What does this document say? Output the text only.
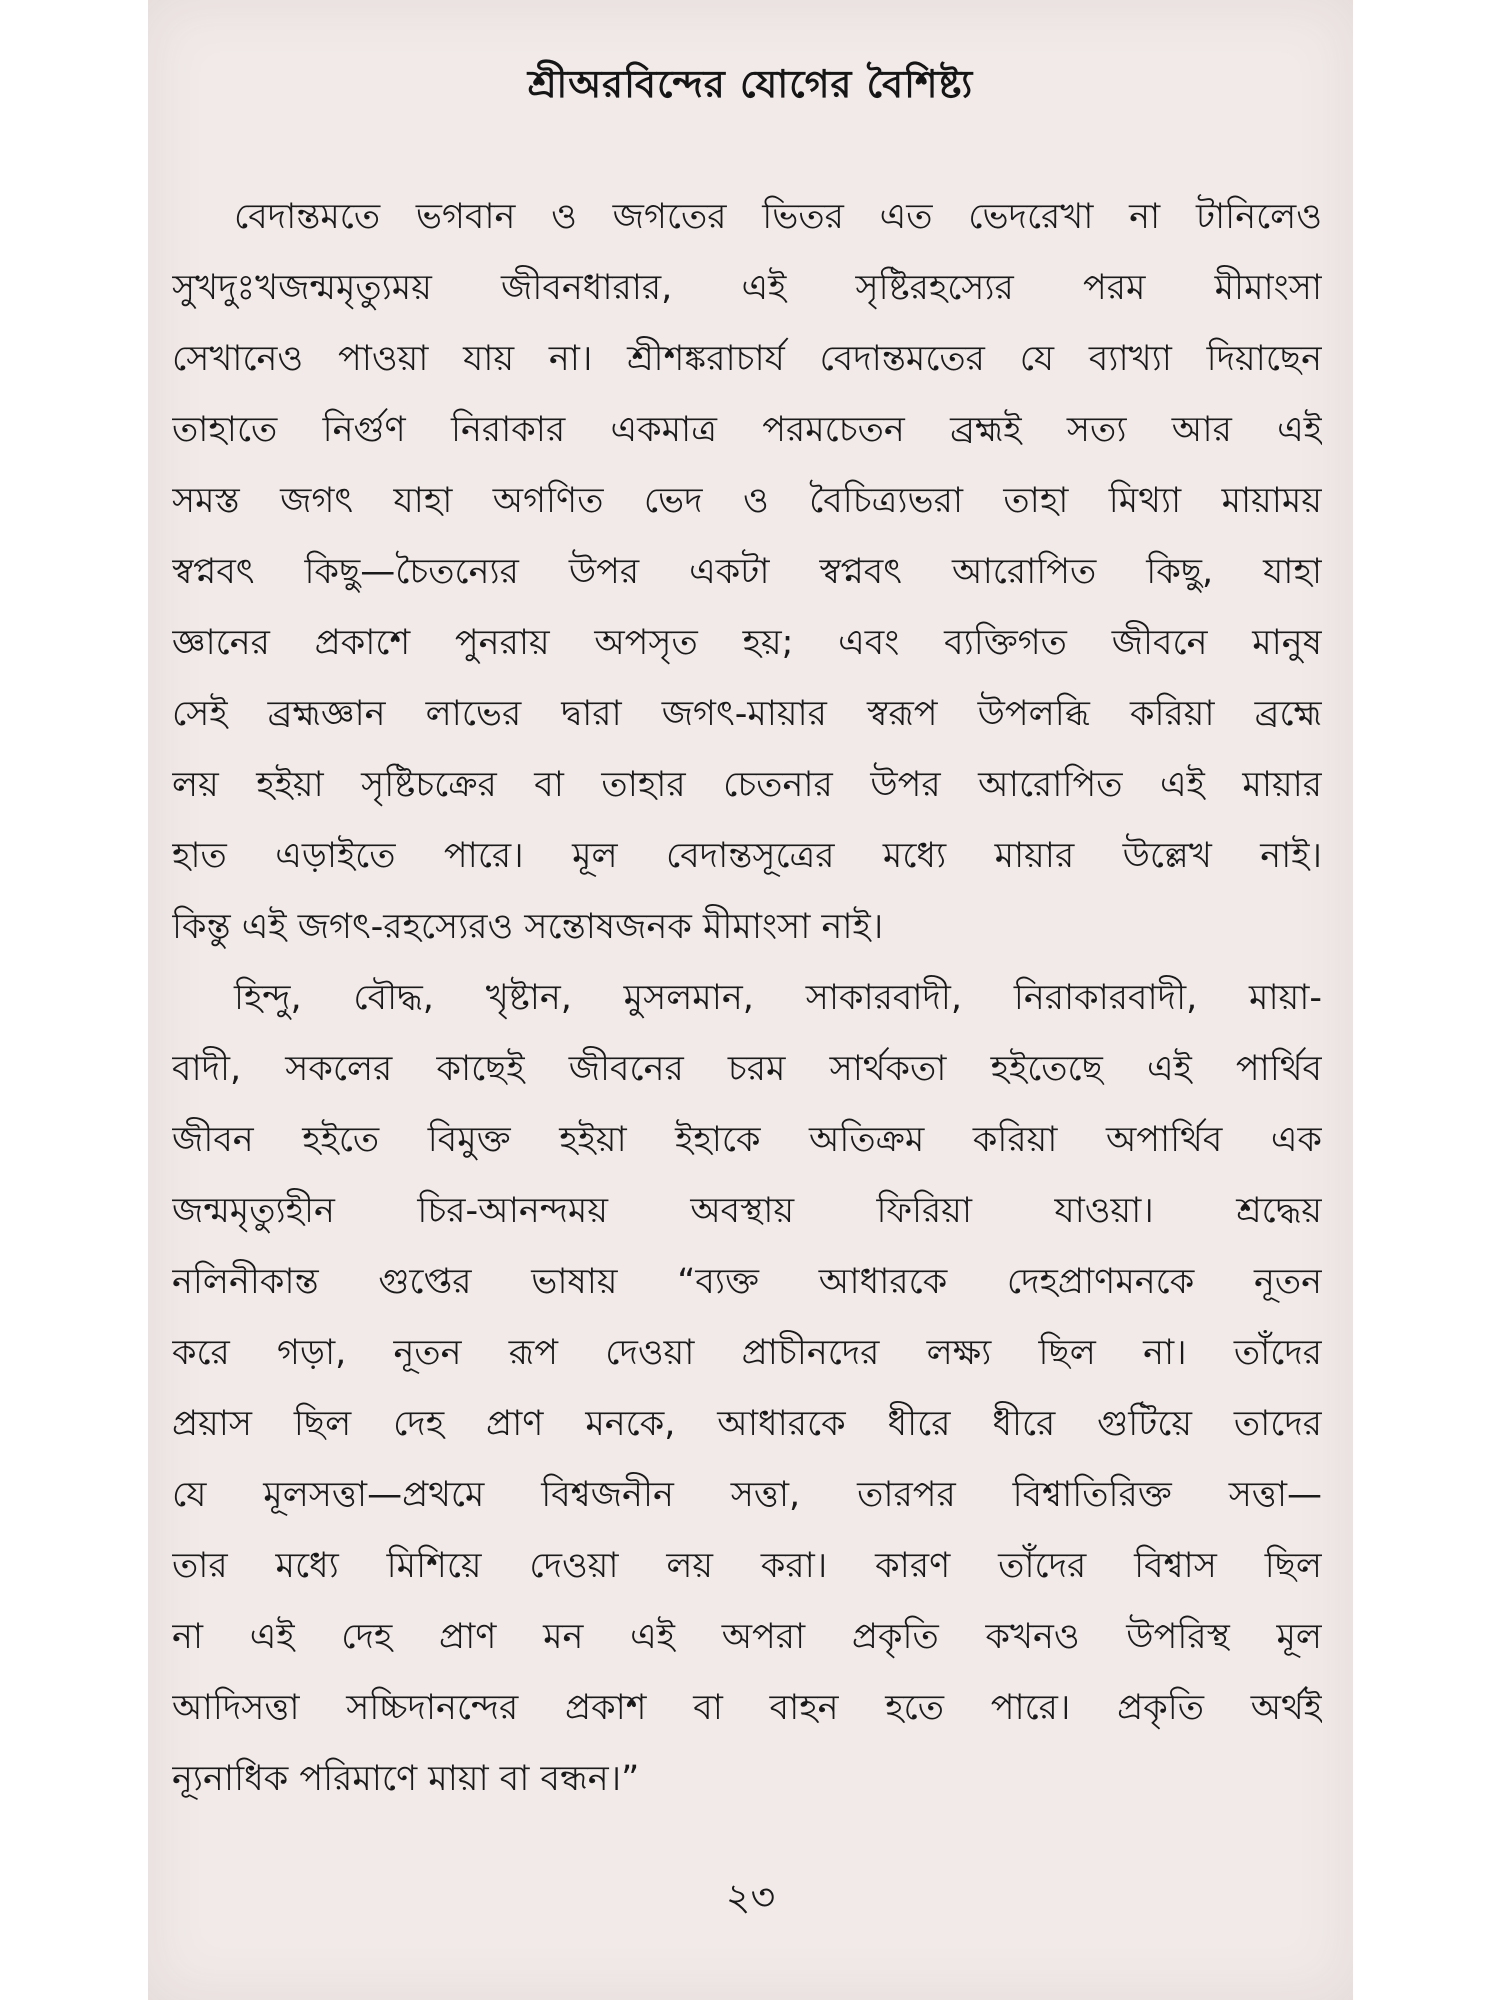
শ্রীঅরবিন্দের যোগের বৈশিষ্ট্য
বেদান্তমতে ভগবান ও জগতের ভিতর এত ভেদরেখা না টানিলেও
সুখদুঃখজন্মমৃত্যুময় জীবনধারার, এই সৃষ্টিরহস্যের পরম মীমাংসা
সেখানেও পাওয়া যায় না। শ্রীশঙ্করাচার্য বেদান্তমতের যে ব্যাখ্যা দিয়াছেন
তাহাতে নির্গুণ নিরাকার একমাত্র পরমচেতন ব্রহ্মই সত্য আর এই
সমস্ত জগৎ যাহা অগণিত ভেদ ও বৈচিত্র্যভরা তাহা মিথ্যা মায়াময়
স্বপ্নবৎ কিছু—চৈতন্যের উপর একটা স্বপ্নবৎ আরোপিত কিছু, যাহা
জ্ঞানের প্রকাশে পুনরায় অপসৃত হয়; এবং ব্যক্তিগত জীবনে মানুষ
সেই ব্রহ্মজ্ঞান লাভের দ্বারা জগৎ-মায়ার স্বরূপ উপলব্ধি করিয়া ব্রহ্মে
লয় হইয়া সৃষ্টিচক্রের বা তাহার চেতনার উপর আরোপিত এই মায়ার
হাত এড়াইতে পারে। মূল বেদান্তসূত্রের মধ্যে মায়ার উল্লেখ নাই।
কিন্তু এই জগৎ-রহস্যেরও সন্তোষজনক মীমাংসা নাই।
হিন্দু, বৌদ্ধ, খৃষ্টান, মুসলমান, সাকারবাদী, নিরাকারবাদী, মায়া-
বাদী, সকলের কাছেই জীবনের চরম সার্থকতা হইতেছে এই পার্থিব
জীবন হইতে বিমুক্ত হইয়া ইহাকে অতিক্রম করিয়া অপার্থিব এক
জন্মমৃত্যুহীন চির-আনন্দময় অবস্থায় ফিরিয়া যাওয়া। শ্রদ্ধেয়
নলিনীকান্ত গুপ্তের ভাষায় “ব্যক্ত আধারকে দেহপ্রাণমনকে নূতন
করে গড়া, নূতন রূপ দেওয়া প্রাচীনদের লক্ষ্য ছিল না। তাঁদের
প্রয়াস ছিল দেহ প্রাণ মনকে, আধারকে ধীরে ধীরে গুটিয়ে তাদের
যে মূলসত্তা—প্রথমে বিশ্বজনীন সত্তা, তারপর বিশ্বাতিরিক্ত সত্তা—
তার মধ্যে মিশিয়ে দেওয়া লয় করা। কারণ তাঁদের বিশ্বাস ছিল
না এই দেহ প্রাণ মন এই অপরা প্রকৃতি কখনও উপরিস্থ মূল
আদিসত্তা সচ্চিদানন্দের প্রকাশ বা বাহন হতে পারে। প্রকৃতি অর্থই
ন্যূনাধিক পরিমাণে মায়া বা বন্ধন।”
২৩
